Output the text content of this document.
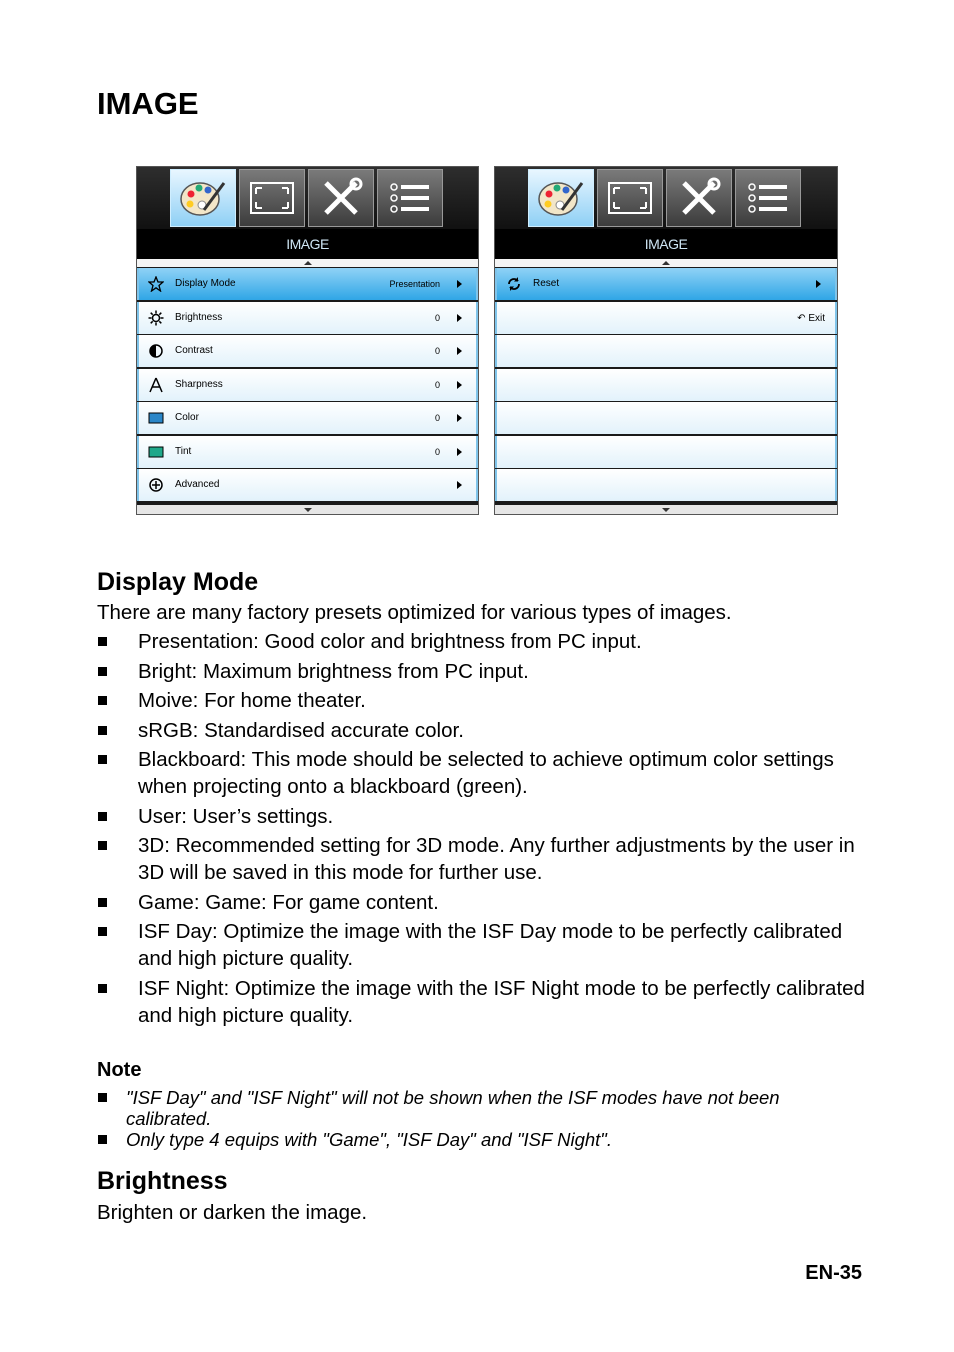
IMAGE
IMAGE
Display Mode	Presentation
Brightness	0
Contrast	0
Sharpness	0
Color	0
Tint	0
Advanced
IMAGE
Reset
↶ Exit
Display Mode

There are many factory presets optimized for various types of images.

Presentation: Good color and brightness from PC input.
Bright: Maximum brightness from PC input.
Moive: For home theater.
sRGB: Standardised accurate color.
Blackboard: This mode should be selected to achieve optimum color settings when projecting onto a blackboard (green).
User: User’s settings.
3D: Recommended setting for 3D mode. Any further adjustments by the user in 3D will be saved in this mode for further use.
Game: Game: For game content.
ISF Day: Optimize the image with the ISF Day mode to be perfectly calibrated and high picture quality.
ISF Night: Optimize the image with the ISF Night mode to be perfectly calibrated and high picture quality.

Note

"ISF Day" and "ISF Night" will not be shown when the ISF modes have not been calibrated.
Only type 4 equips with "Game", "ISF Day" and "ISF Night".
Brightness

Brighten or darken the image.

EN-35
